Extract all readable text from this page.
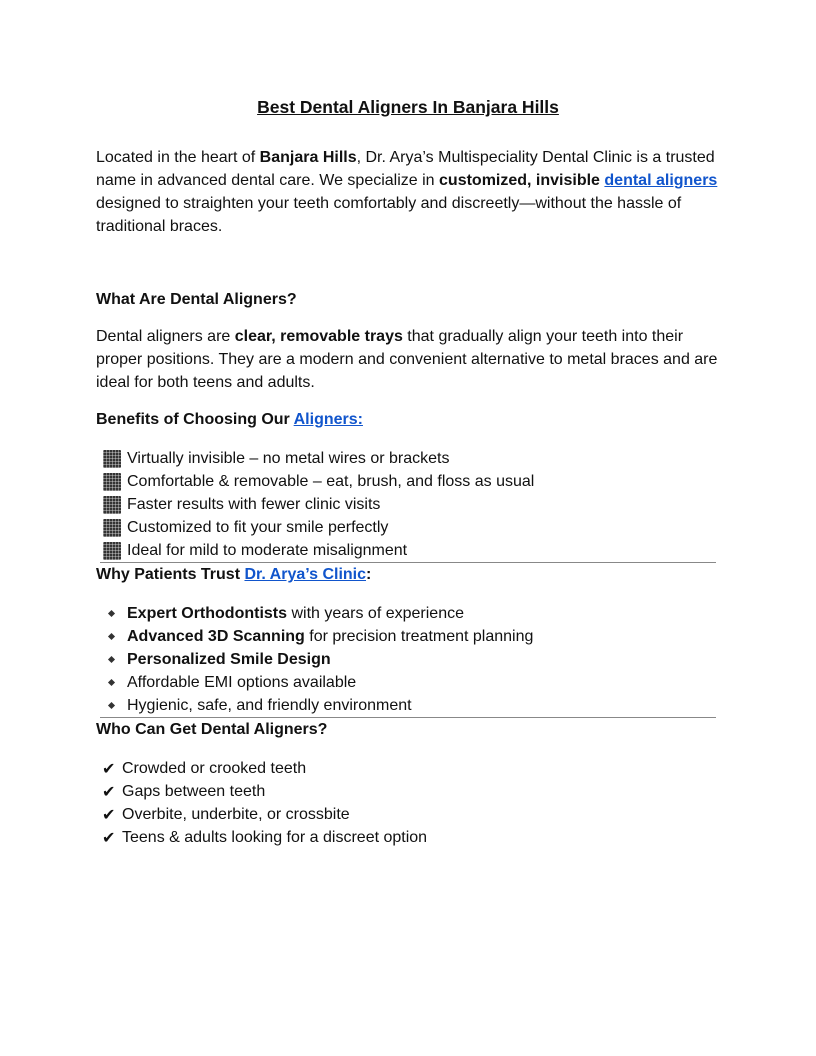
Best Dental Aligners In Banjara Hills

Located in the heart of Banjara Hills, Dr. Arya’s Multispeciality Dental Clinic is a trusted name in advanced dental care. We specialize in customized, invisible dental aligners designed to straighten your teeth comfortably and discreetly—without the hassle of traditional braces.

What Are Dental Aligners?

Dental aligners are clear, removable trays that gradually align your teeth into their proper positions. They are a modern and convenient alternative to metal braces and are ideal for both teens and adults.

Benefits of Choosing Our Aligners:
Virtually invisible – no metal wires or brackets
Comfortable & removable – eat, brush, and floss as usual
Faster results with fewer clinic visits
Customized to fit your smile perfectly
Ideal for mild to moderate misalignment
Why Patients Trust Dr. Arya’s Clinic:
Expert Orthodontists with years of experience
Advanced 3D Scanning for precision treatment planning
Personalized Smile Design
Affordable EMI options available
Hygienic, safe, and friendly environment
Who Can Get Dental Aligners?
✔ Crowded or crooked teeth
✔ Gaps between teeth
✔ Overbite, underbite, or crossbite
✔ Teens & adults looking for a discreet option
